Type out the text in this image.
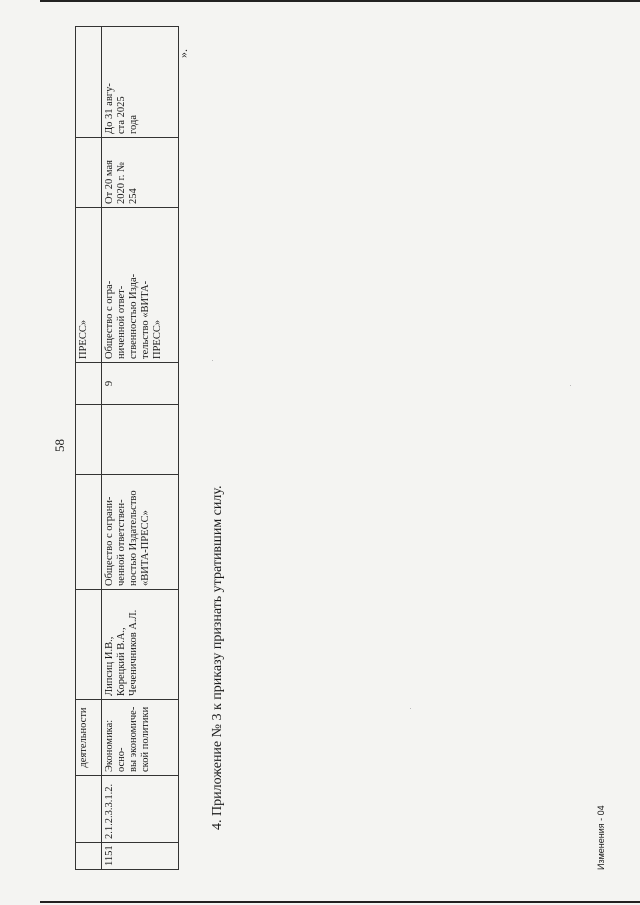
58
		деятельности					ПРЕСС»		
1151	2.1.2.3.3.1.2.	Экономика: осно-
вы экономиче-
ской политики	Липсиц И.В.,
Корецкий В.А.,
Чеченичников А.Л.	Общество с ограни-
ченной ответствен-
ностью Издательство
«ВИТА-ПРЕСС»		9	Общество с огра-
ниченной ответ-
ственностью Изда-
тельство «ВИТА-
ПРЕСС»	От 20 мая
2020 г. №
254	До 31 авгу-
ста 2025
года
».
4. Приложение № 3 к приказу признать утратившим силу.
Изменения - 04
